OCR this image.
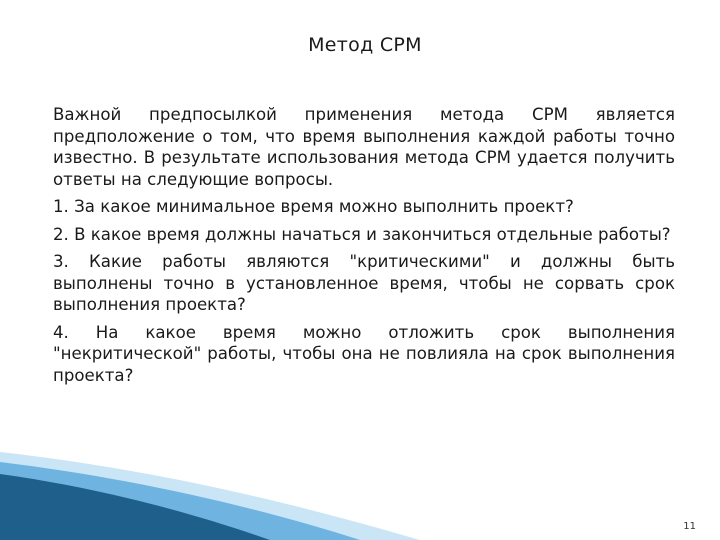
Метод CPM

Важной предпосылкой применения метода CPM является предположение о том, что время выполнения каждой работы точно известно. В результате использования метода CPM удается получить ответы на следующие вопросы.

1. За какое минимальное время можно выполнить проект?

2. В какое время должны начаться и закончиться отдельные работы?

3. Какие работы являются "критическими" и должны быть выполнены точно в установленное время, чтобы не сорвать срок выполнения проекта?

4. На какое время можно отложить срок выполнения "некритической" работы, чтобы она не повлияла на срок выполнения проекта?

11
